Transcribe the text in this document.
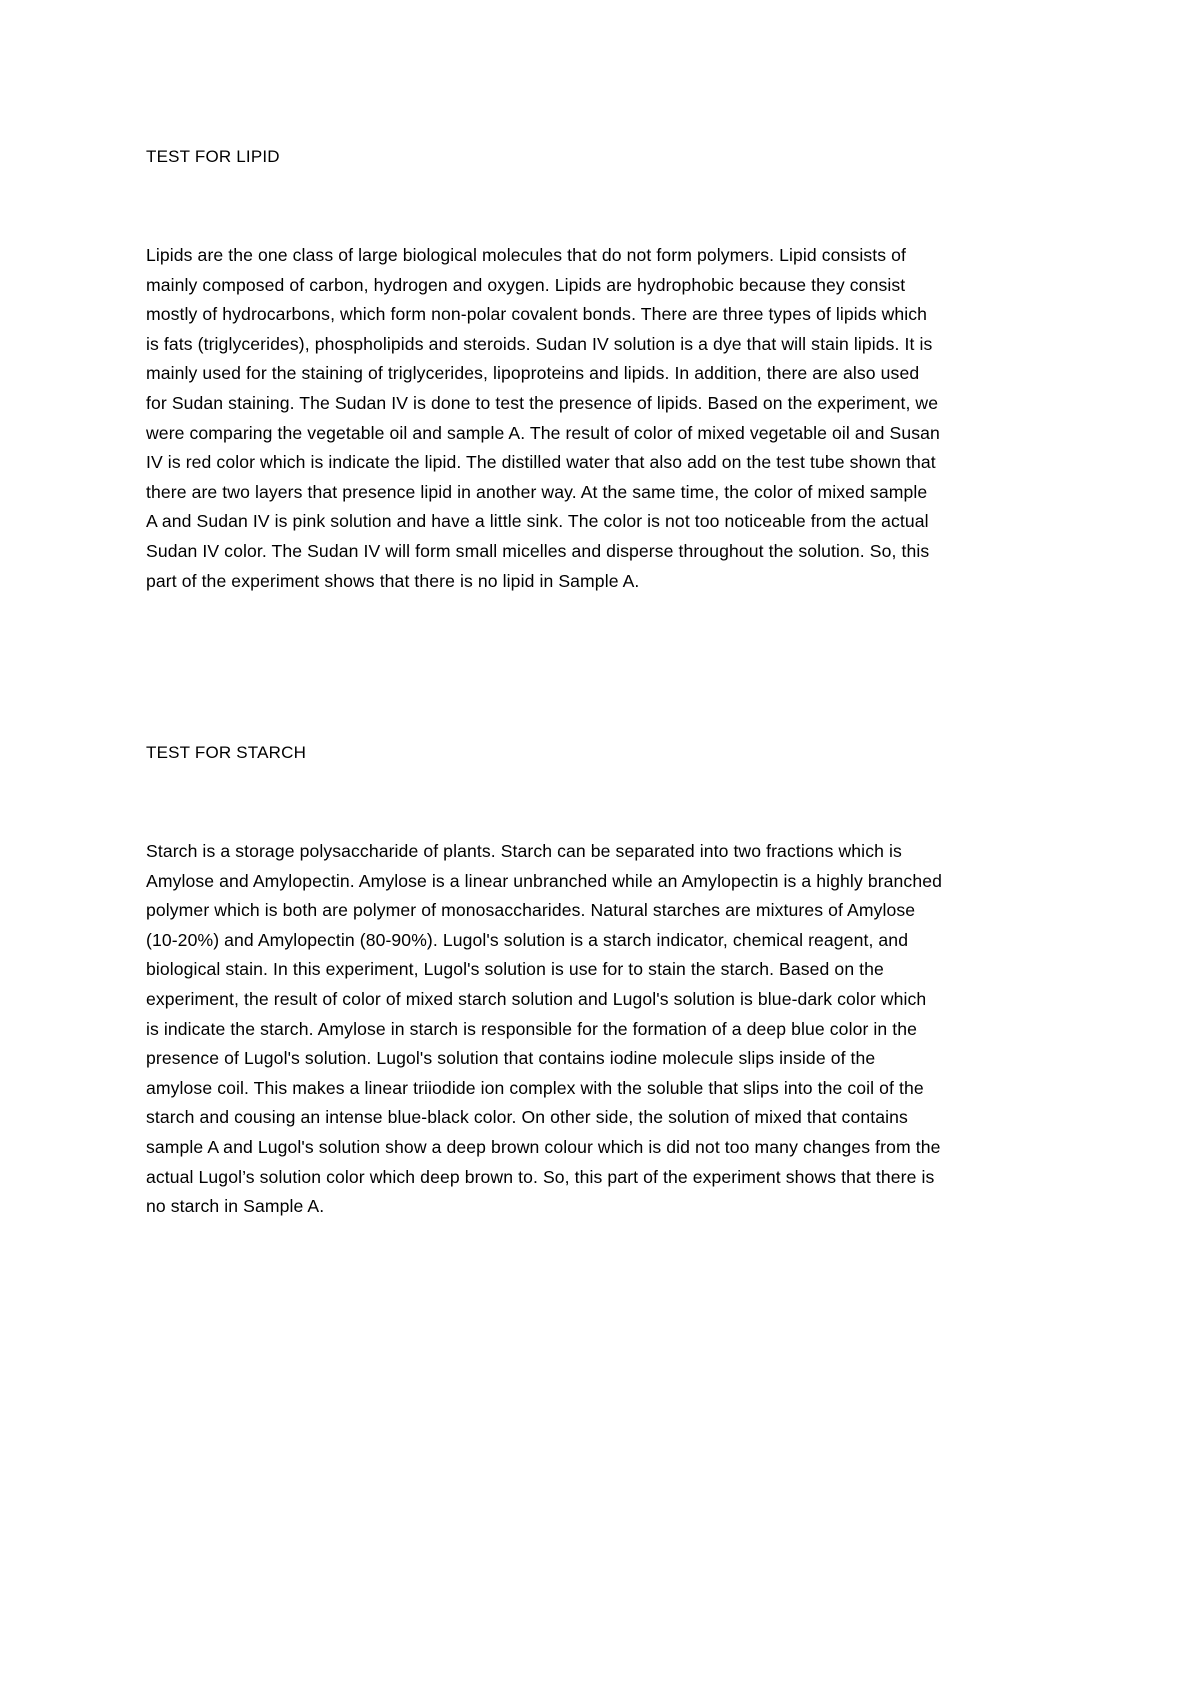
TEST FOR LIPID
Lipids are the one class of large biological molecules that do not form polymers. Lipid consists of
mainly composed of carbon, hydrogen and oxygen. Lipids are hydrophobic because they consist
mostly of hydrocarbons, which form non-polar covalent bonds. There are three types of lipids which
is fats (triglycerides), phospholipids and steroids. Sudan IV solution is a dye that will stain lipids. It is
mainly used for the staining of triglycerides, lipoproteins and lipids. In addition, there are also used
for Sudan staining. The Sudan IV is done to test the presence of lipids. Based on the experiment, we
were comparing the vegetable oil and sample A. The result of color of mixed vegetable oil and Susan
IV is red color which is indicate the lipid. The distilled water that also add on the test tube shown that
there are two layers that presence lipid in another way. At the same time, the color of mixed sample
A and Sudan IV is pink solution and have a little sink. The color is not too noticeable from the actual
Sudan IV color. The Sudan IV will form small micelles and disperse throughout the solution. So, this
part of the experiment shows that there is no lipid in Sample A.
TEST FOR STARCH
Starch is a storage polysaccharide of plants. Starch can be separated into two fractions which is
Amylose and Amylopectin. Amylose is a linear unbranched while an Amylopectin is a highly branched
polymer which is both are polymer of monosaccharides. Natural starches are mixtures of Amylose
(10-20%) and Amylopectin (80-90%). Lugol's solution is a starch indicator, chemical reagent, and
biological stain. In this experiment, Lugol's solution is use for to stain the starch. Based on the
experiment, the result of color of mixed starch solution and Lugol's solution is blue-dark color which
is indicate the starch. Amylose in starch is responsible for the formation of a deep blue color in the
presence of Lugol's solution. Lugol's solution that contains iodine molecule slips inside of the
amylose coil. This makes a linear triiodide ion complex with the soluble that slips into the coil of the
starch and cousing an intense blue-black color. On other side, the solution of mixed that contains
sample A and Lugol's solution show a deep brown colour which is did not too many changes from the
actual Lugol’s solution color which deep brown to. So, this part of the experiment shows that there is
no starch in Sample A.
